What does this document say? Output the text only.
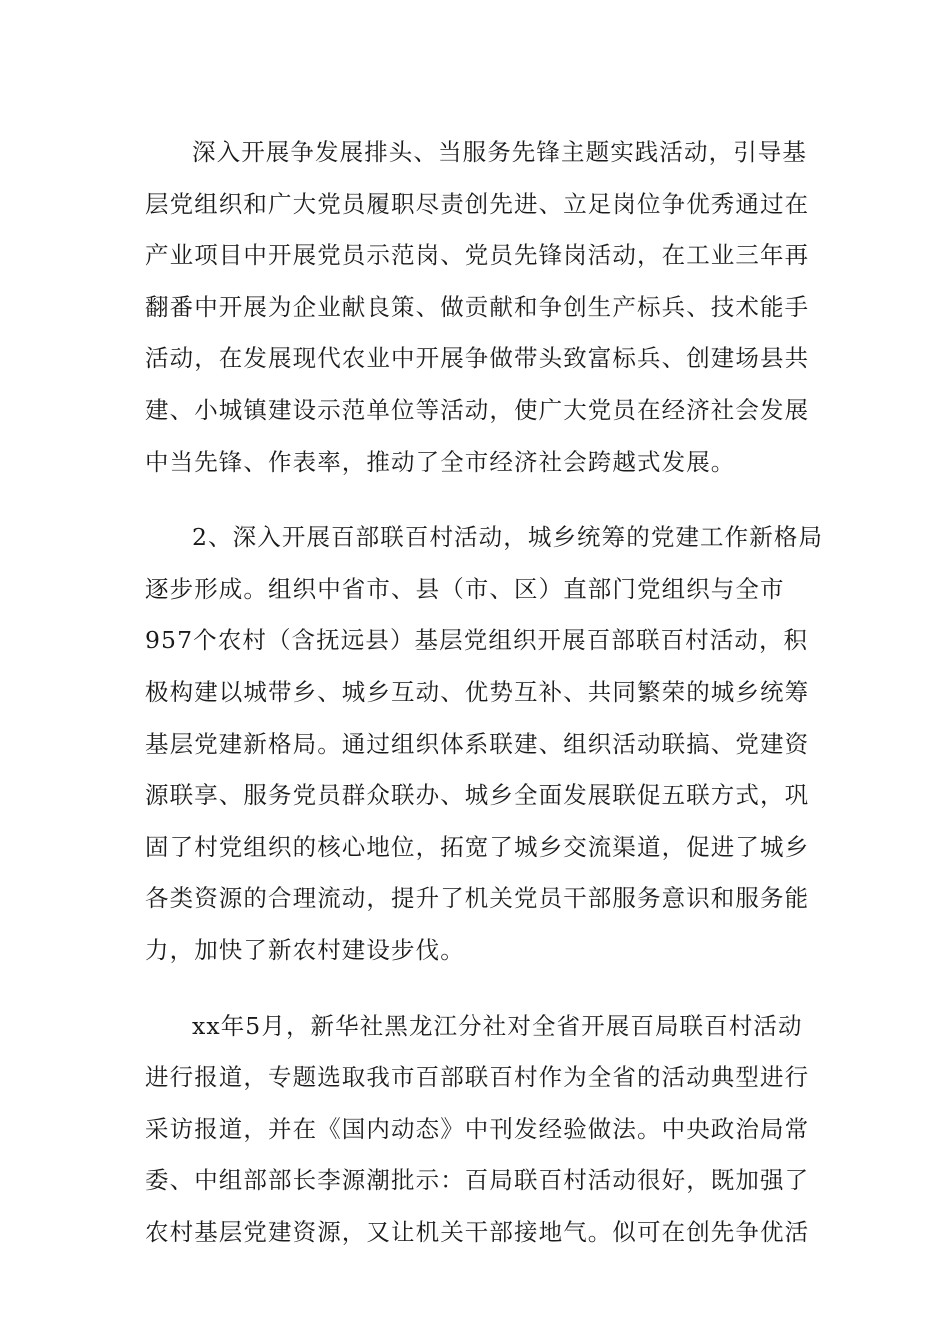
深入开展争发展排头、当服务先锋主题实践活动，引导基
层党组织和广大党员履职尽责创先进、立足岗位争优秀通过在
产业项目中开展党员示范岗、党员先锋岗活动，在工业三年再
翻番中开展为企业献良策、做贡献和争创生产标兵、技术能手
活动，在发展现代农业中开展争做带头致富标兵、创建场县共
建、小城镇建设示范单位等活动，使广大党员在经济社会发展
中当先锋、作表率，推动了全市经济社会跨越式发展。
2、深入开展百部联百村活动，城乡统筹的党建工作新格局
逐步形成。组织中省市、县（市、区）直部门党组织与全市
957个农村（含抚远县）基层党组织开展百部联百村活动，积
极构建以城带乡、城乡互动、优势互补、共同繁荣的城乡统筹
基层党建新格局。通过组织体系联建、组织活动联搞、党建资
源联享、服务党员群众联办、城乡全面发展联促五联方式，巩
固了村党组织的核心地位，拓宽了城乡交流渠道，促进了城乡
各类资源的合理流动，提升了机关党员干部服务意识和服务能
力，加快了新农村建设步伐。
xx年5月，新华社黑龙江分社对全省开展百局联百村活动
进行报道，专题选取我市百部联百村作为全省的活动典型进行
采访报道，并在《国内动态》中刊发经验做法。中央政治局常
委、中组部部长李源潮批示：百局联百村活动很好，既加强了
农村基层党建资源，又让机关干部接地气。似可在创先争优活
